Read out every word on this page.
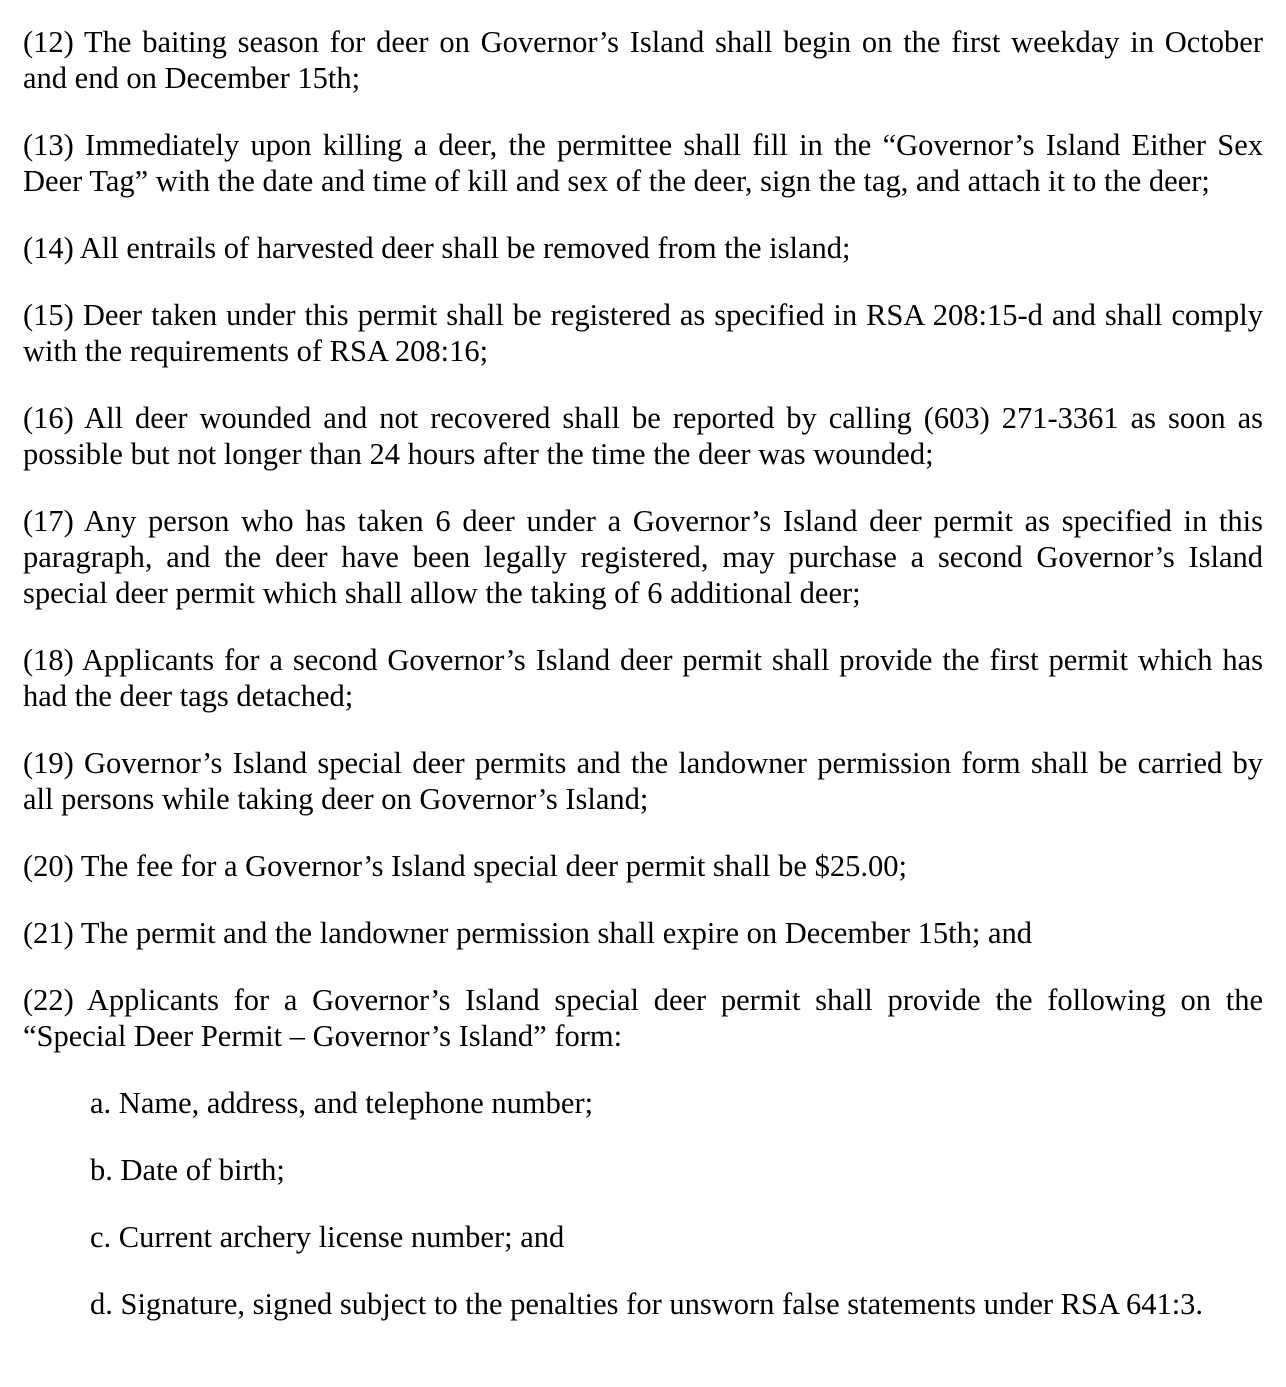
(12) The baiting season for deer on Governor’s Island shall begin on the first weekday in October and end on December 15th;

(13) Immediately upon killing a deer, the permittee shall fill in the “Governor’s Island Either Sex Deer Tag” with the date and time of kill and sex of the deer, sign the tag, and attach it to the deer;

(14) All entrails of harvested deer shall be removed from the island;

(15) Deer taken under this permit shall be registered as specified in RSA 208:15-d and shall comply with the requirements of RSA 208:16;

(16) All deer wounded and not recovered shall be reported by calling (603) 271-3361 as soon as possible but not longer than 24 hours after the time the deer was wounded;

(17) Any person who has taken 6 deer under a Governor’s Island deer permit as specified in this paragraph, and the deer have been legally registered, may purchase a second Governor’s Island special deer permit which shall allow the taking of 6 additional deer;

(18) Applicants for a second Governor’s Island deer permit shall provide the first permit which has had the deer tags detached;

(19) Governor’s Island special deer permits and the landowner permission form shall be carried by all persons while taking deer on Governor’s Island;

(20) The fee for a Governor’s Island special deer permit shall be $25.00;

(21) The permit and the landowner permission shall expire on December 15th; and

(22) Applicants for a Governor’s Island special deer permit shall provide the following on the “Special Deer Permit – Governor’s Island” form:

a. Name, address, and telephone number;

b. Date of birth;

c. Current archery license number; and

d. Signature, signed subject to the penalties for unsworn false statements under RSA 641:3.
